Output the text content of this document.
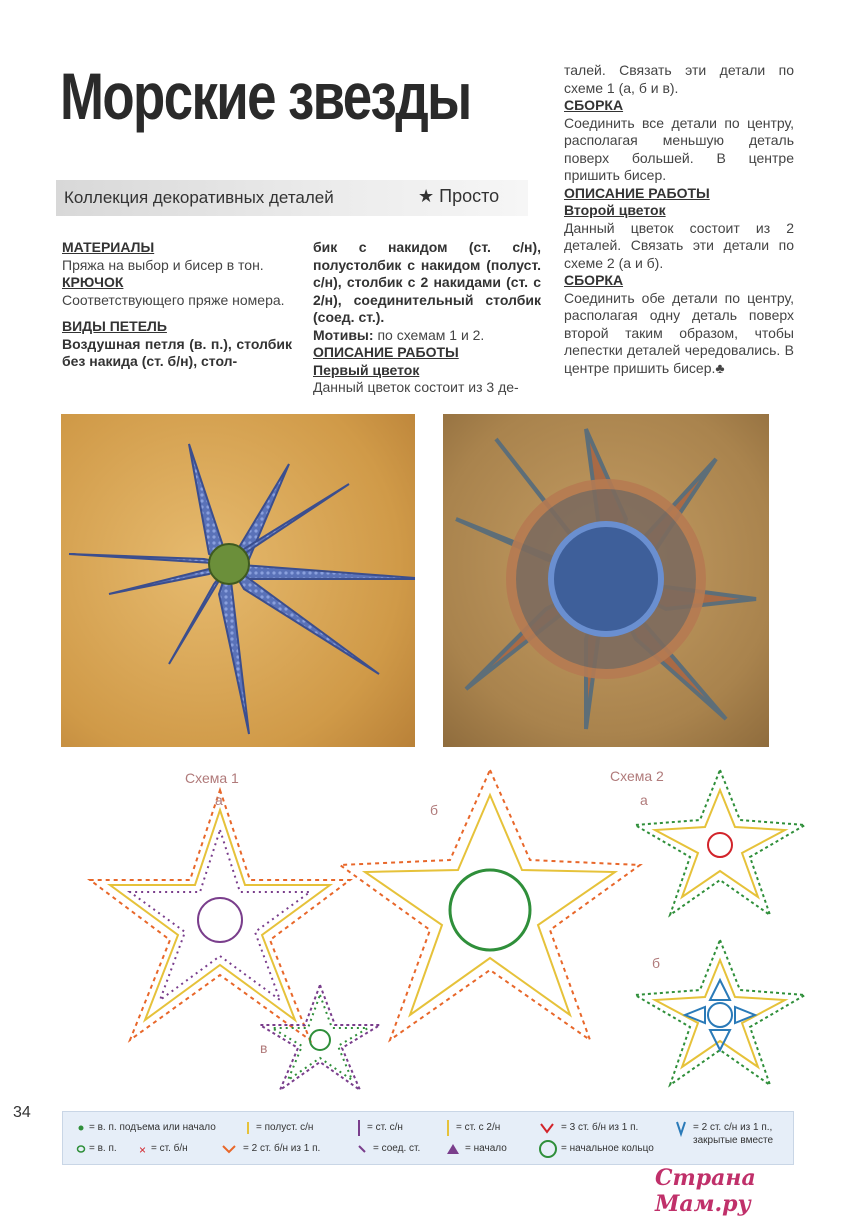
Морские звезды
Коллекция декоративных деталей	★ Просто
МАТЕРИАЛЫ
Пряжа на выбор и бисер в тон.
КРЮЧОК
Соответствующего пряже номера.
ВИДЫ ПЕТЕЛЬ
Воздушная петля (в. п.), столбик без накида (ст. б/н), стол-
бик с накидом (ст. с/н), полустолбик с накидом (полуст. с/н), столбик с 2 накидами (ст. с 2/н), соединительный столбик (соед. ст.).
Мотивы: по схемам 1 и 2.
ОПИСАНИЕ РАБОТЫ
Первый цветок
Данный цветок состоит из 3 де-
талей. Связать эти детали по схеме 1 (а, б и в).
СБОРКА
Соединить все детали по центру, располагая меньшую деталь поверх большей. В центре пришить бисер.
ОПИСАНИЕ РАБОТЫ
Второй цветок
Данный цветок состоит из 2 деталей. Связать эти детали по схеме 2 (а и б).
СБОРКА
Соединить обе детали по центру, располагая одну деталь поверх второй таким образом, чтобы лепестки деталей чередовались. В центре пришить бисер.♣
Схема 1
а
б
в
Схема 2
а
б
34
×
= в. п. подъема или начало	= полуст. с/н	= ст. с/н	= ст. с 2/н	= 3 ст. б/н из 1 п.	= 2 ст. с/н из 1 п.,
закрытые вместе
= в. п.	= ст. б/н	= 2 ст. б/н из 1 п.	= соед. ст.	= начало	= начальное кольцо
Страна Мам.ру
